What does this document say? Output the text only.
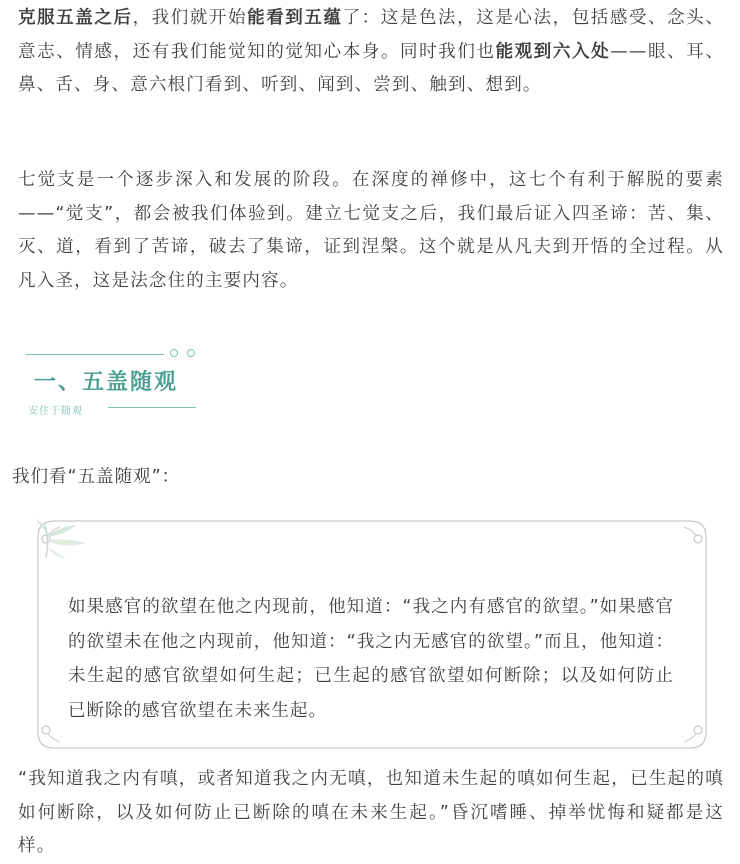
克服五盖之后，我们就开始能看到五蕴了：这是色法，这是心法，包括感受、念头、意志、情感，还有我们能觉知的觉知心本身。同时我们也能观到六入处——眼、耳、鼻、舌、身、意六根门看到、听到、闻到、尝到、触到、想到。

七觉支是一个逐步深入和发展的阶段。在深度的禅修中，这七个有利于解脱的要素——“觉支”，都会被我们体验到。建立七觉支之后，我们最后证入四圣谛：苦、集、灭、道，看到了苦谛，破去了集谛，证到涅槃。这个就是从凡夫到开悟的全过程。从凡入圣，这是法念住的主要内容。

一、五盖随观
安住于随观
我们看“五盖随观”：

如果感官的欲望在他之内现前，他知道：“我之内有感官的欲望。”如果感官的欲望未在他之内现前，他知道：“我之内无感官的欲望。”而且，他知道：未生起的感官欲望如何生起；已生起的感官欲望如何断除；以及如何防止已断除的感官欲望在未来生起。

“我知道我之内有嗔，或者知道我之内无嗔，也知道未生起的嗔如何生起，已生起的嗔如何断除，以及如何防止已断除的嗔在未来生起。”昏沉嗜睡、掉举忧悔和疑都是这样。
